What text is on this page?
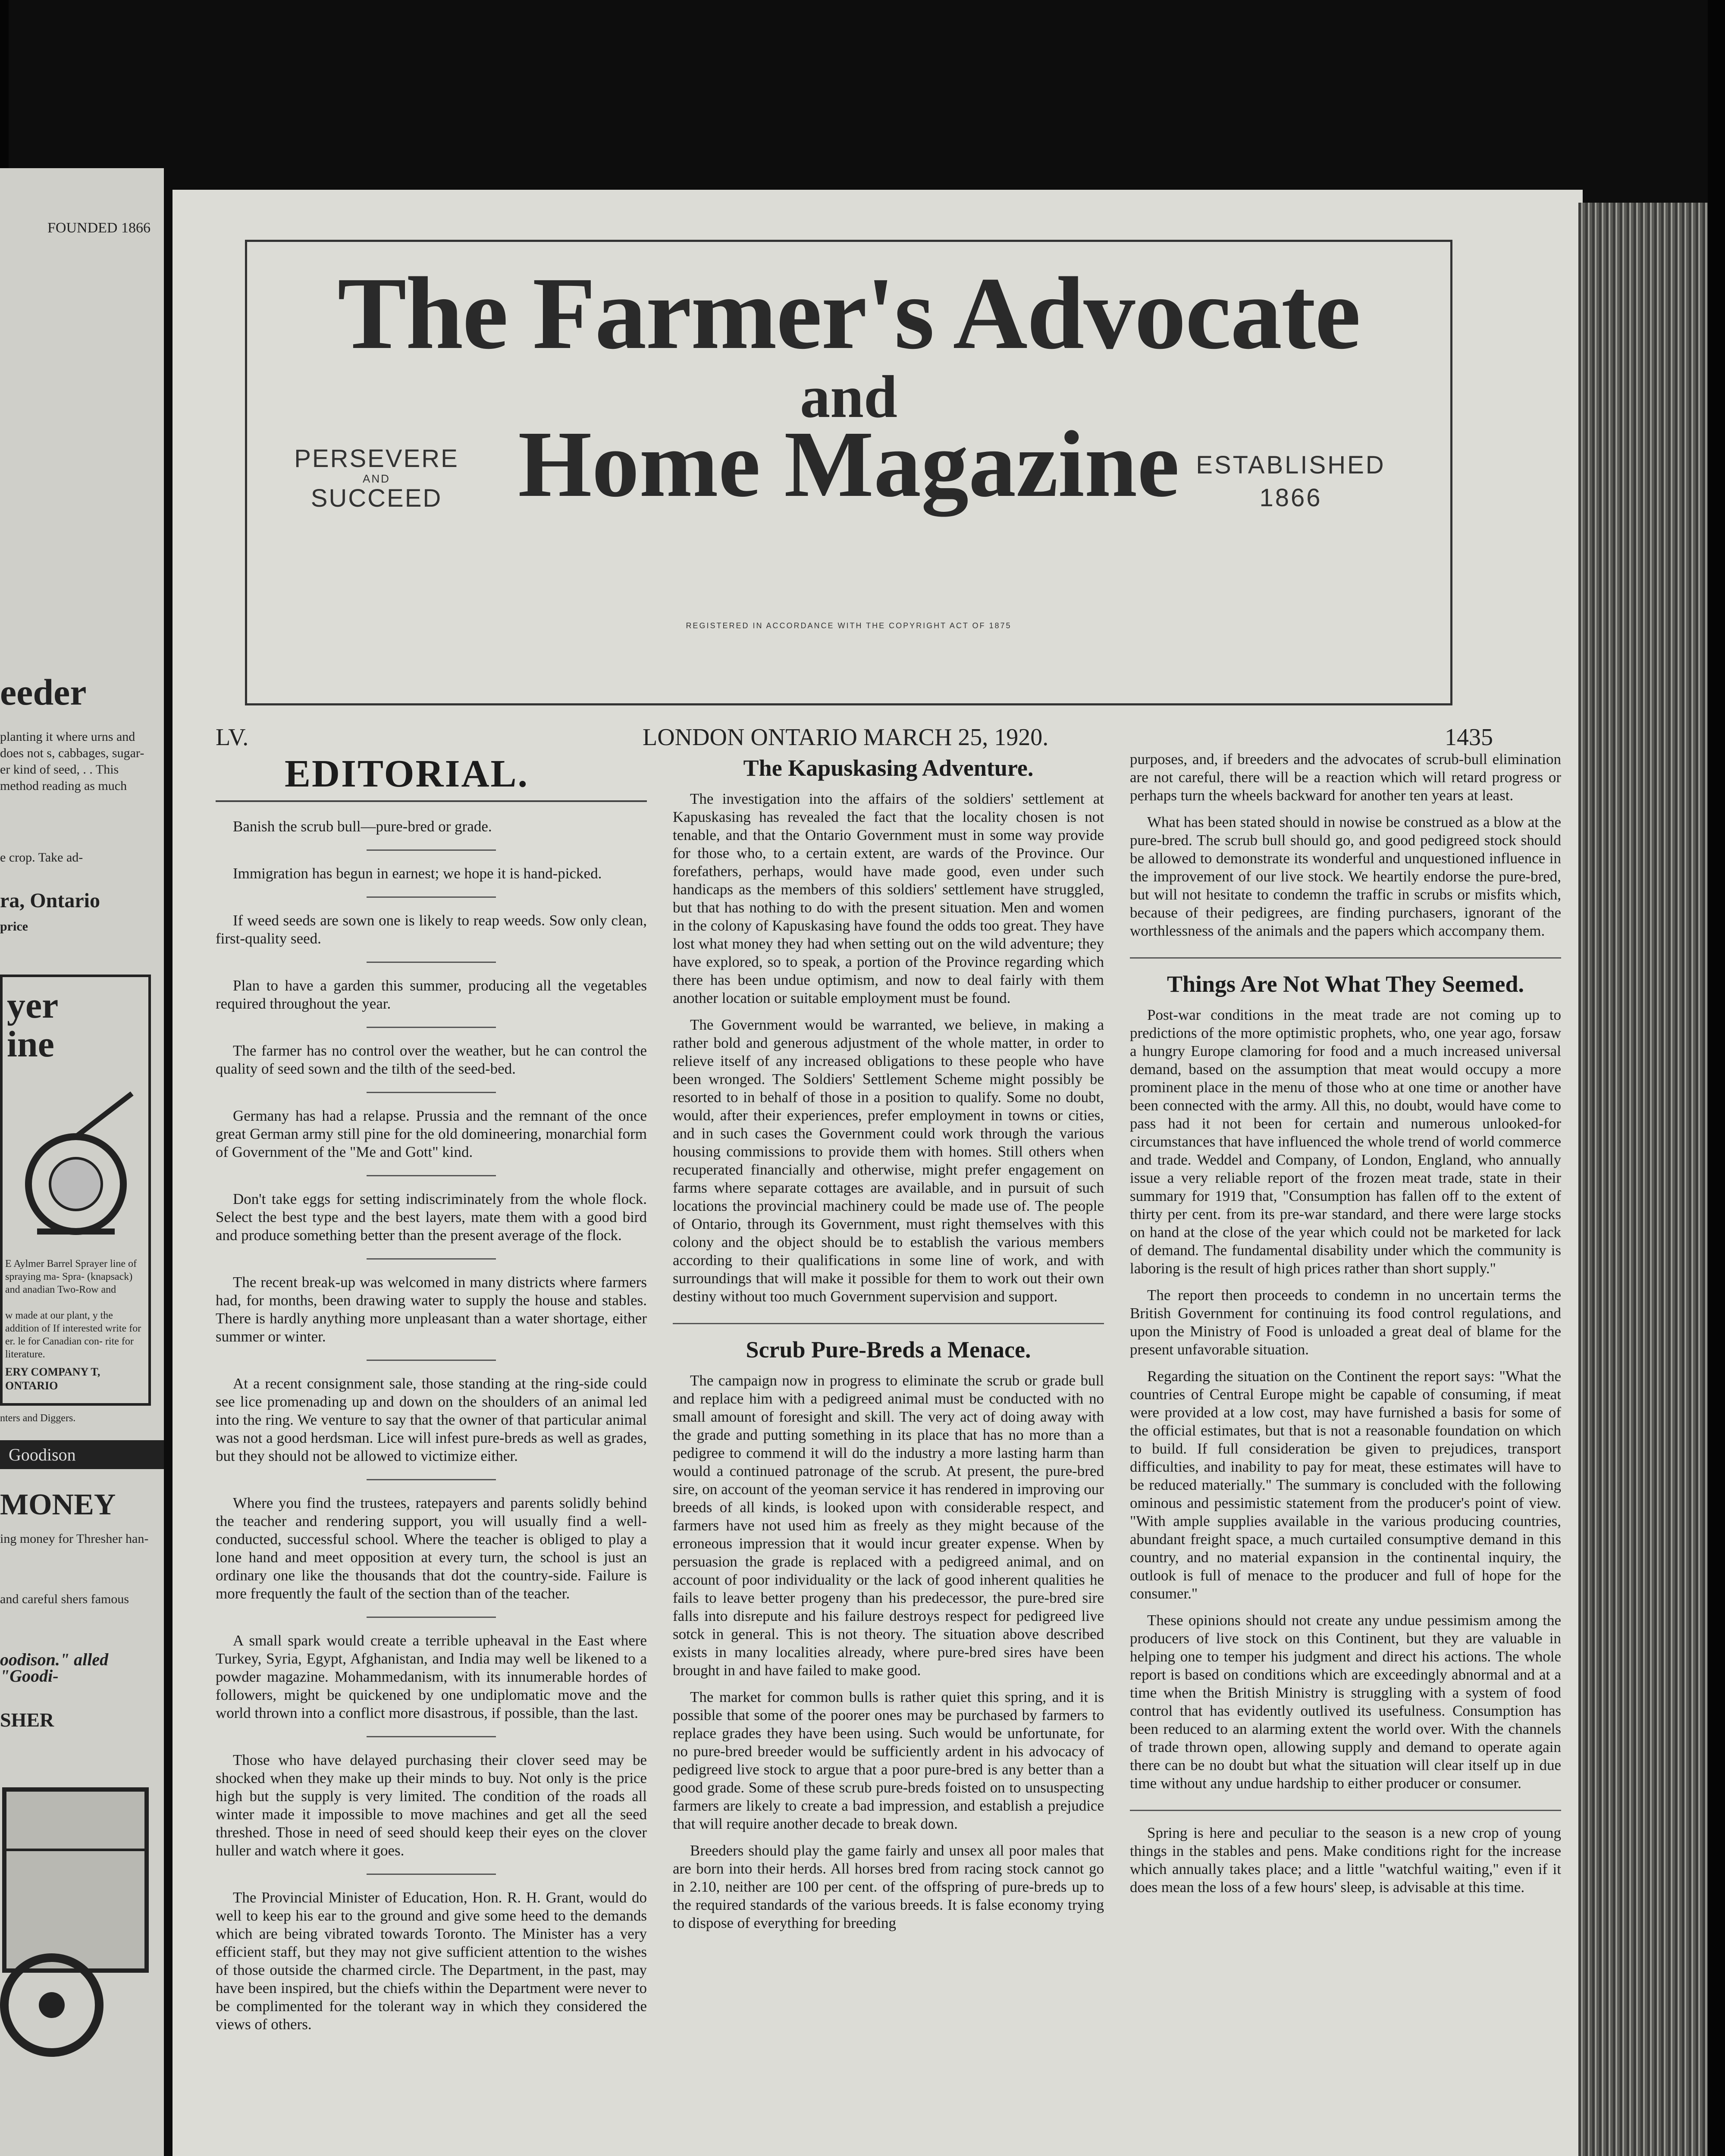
FOUNDED 1866
eeder
planting it where urns and does not s, cabbages, sugar- er kind of seed, . . This method reading as much
e crop. Take ad-
ra, Ontario
price
yer
ine
E Aylmer Barrel Sprayer line of spraying ma- Spra- (knapsack) and anadian Two-Row and
w made at our plant, y the addition of If interested write for er. le for Canadian con- rite for literature.
ERY COMPANY T, ONTARIO
nters and Diggers.
Goodison
MONEY
ing money for Thresher han-
and careful shers famous
oodison." alled "Goodi-
SHER
The Farmer's Advocate
and
Home Magazine
PERSEVERE
AND
SUCCEED
ESTABLISHED
1866
REGISTERED IN ACCORDANCE WITH THE COPYRIGHT ACT OF 1875
LV.	LONDON ONTARIO MARCH 25, 1920.	1435
EDITORIAL.

Banish the scrub bull—pure-bred or grade.

Immigration has begun in earnest; we hope it is hand-picked.

If weed seeds are sown one is likely to reap weeds. Sow only clean, first-quality seed.

Plan to have a garden this summer, producing all the vegetables required throughout the year.

The farmer has no control over the weather, but he can control the quality of seed sown and the tilth of the seed-bed.

Germany has had a relapse. Prussia and the remnant of the once great German army still pine for the old domineering, monarchial form of Government of the "Me and Gott" kind.

Don't take eggs for setting indiscriminately from the whole flock. Select the best type and the best layers, mate them with a good bird and produce something better than the present average of the flock.

The recent break-up was welcomed in many districts where farmers had, for months, been drawing water to supply the house and stables. There is hardly anything more unpleasant than a water shortage, either summer or winter.

At a recent consignment sale, those standing at the ring-side could see lice promenading up and down on the shoulders of an animal led into the ring. We venture to say that the owner of that particular animal was not a good herdsman. Lice will infest pure-breds as well as grades, but they should not be allowed to victimize either.

Where you find the trustees, ratepayers and parents solidly behind the teacher and rendering support, you will usually find a well-conducted, successful school. Where the teacher is obliged to play a lone hand and meet opposition at every turn, the school is just an ordinary one like the thousands that dot the country-side. Failure is more frequently the fault of the section than of the teacher.

A small spark would create a terrible upheaval in the East where Turkey, Syria, Egypt, Afghanistan, and India may well be likened to a powder magazine. Mohammedanism, with its innumerable hordes of followers, might be quickened by one undiplomatic move and the world thrown into a conflict more disastrous, if possible, than the last.

Those who have delayed purchasing their clover seed may be shocked when they make up their minds to buy. Not only is the price high but the supply is very limited. The condition of the roads all winter made it impossible to move machines and get all the seed threshed. Those in need of seed should keep their eyes on the clover huller and watch where it goes.

The Provincial Minister of Education, Hon. R. H. Grant, would do well to keep his ear to the ground and give some heed to the demands which are being vibrated towards Toronto. The Minister has a very efficient staff, but they may not give sufficient attention to the wishes of those outside the charmed circle. The Department, in the past, may have been inspired, but the chiefs within the Department were never to be complimented for the tolerant way in which they considered the views of others.

The Kapuskasing Adventure.

The investigation into the affairs of the soldiers' settlement at Kapuskasing has revealed the fact that the locality chosen is not tenable, and that the Ontario Government must in some way provide for those who, to a certain extent, are wards of the Province. Our forefathers, perhaps, would have made good, even under such handicaps as the members of this soldiers' settlement have struggled, but that has nothing to do with the present situation. Men and women in the colony of Kapuskasing have found the odds too great. They have lost what money they had when setting out on the wild adventure; they have explored, so to speak, a portion of the Province regarding which there has been undue optimism, and now to deal fairly with them another location or suitable employment must be found.

The Government would be warranted, we believe, in making a rather bold and generous adjustment of the whole matter, in order to relieve itself of any increased obligations to these people who have been wronged. The Soldiers' Settlement Scheme might possibly be resorted to in behalf of those in a position to qualify. Some no doubt, would, after their experiences, prefer employment in towns or cities, and in such cases the Government could work through the various housing commissions to provide them with homes. Still others when recuperated financially and otherwise, might prefer engagement on farms where separate cottages are available, and in pursuit of such locations the provincial machinery could be made use of. The people of Ontario, through its Government, must right themselves with this colony and the object should be to establish the various members according to their qualifications in some line of work, and with surroundings that will make it possible for them to work out their own destiny without too much Government supervision and support.

Scrub Pure-Breds a Menace.

The campaign now in progress to eliminate the scrub or grade bull and replace him with a pedigreed animal must be conducted with no small amount of foresight and skill. The very act of doing away with the grade and putting something in its place that has no more than a pedigree to commend it will do the industry a more lasting harm than would a continued patronage of the scrub. At present, the pure-bred sire, on account of the yeoman service it has rendered in improving our breeds of all kinds, is looked upon with considerable respect, and farmers have not used him as freely as they might because of the erroneous impression that it would incur greater expense. When by persuasion the grade is replaced with a pedigreed animal, and on account of poor individuality or the lack of good inherent qualities he fails to leave better progeny than his predecessor, the pure-bred sire falls into disrepute and his failure destroys respect for pedigreed live sotck in general. This is not theory. The situation above described exists in many localities already, where pure-bred sires have been brought in and have failed to make good.

The market for common bulls is rather quiet this spring, and it is possible that some of the poorer ones may be purchased by farmers to replace grades they have been using. Such would be unfortunate, for no pure-bred breeder would be sufficiently ardent in his advocacy of pedigreed live stock to argue that a poor pure-bred is any better than a good grade. Some of these scrub pure-breds foisted on to unsuspecting farmers are likely to create a bad impression, and establish a prejudice that will require another decade to break down.

Breeders should play the game fairly and unsex all poor males that are born into their herds. All horses bred from racing stock cannot go in 2.10, neither are 100 per cent. of the offspring of pure-breds up to the required standards of the various breeds. It is false economy trying to dispose of everything for breeding

purposes, and, if breeders and the advocates of scrub-bull elimination are not careful, there will be a reaction which will retard progress or perhaps turn the wheels backward for another ten years at least.

What has been stated should in nowise be construed as a blow at the pure-bred. The scrub bull should go, and good pedigreed stock should be allowed to demonstrate its wonderful and unquestioned influence in the improvement of our live stock. We heartily endorse the pure-bred, but will not hesitate to condemn the traffic in scrubs or misfits which, because of their pedigrees, are finding purchasers, ignorant of the worthlessness of the animals and the papers which accompany them.

Things Are Not What They Seemed.

Post-war conditions in the meat trade are not coming up to predictions of the more optimistic prophets, who, one year ago, forsaw a hungry Europe clamoring for food and a much increased universal demand, based on the assumption that meat would occupy a more prominent place in the menu of those who at one time or another have been connected with the army. All this, no doubt, would have come to pass had it not been for certain and numerous unlooked-for circumstances that have influenced the whole trend of world commerce and trade. Weddel and Company, of London, England, who annually issue a very reliable report of the frozen meat trade, state in their summary for 1919 that, "Consumption has fallen off to the extent of thirty per cent. from its pre-war standard, and there were large stocks on hand at the close of the year which could not be marketed for lack of demand. The fundamental disability under which the community is laboring is the result of high prices rather than short supply."

The report then proceeds to condemn in no uncertain terms the British Government for continuing its food control regulations, and upon the Ministry of Food is unloaded a great deal of blame for the present unfavorable situation.

Regarding the situation on the Continent the report says: "What the countries of Central Europe might be capable of consuming, if meat were provided at a low cost, may have furnished a basis for some of the official estimates, but that is not a reasonable foundation on which to build. If full consideration be given to prejudices, transport difficulties, and inability to pay for meat, these estimates will have to be reduced materially." The summary is concluded with the following ominous and pessimistic statement from the producer's point of view. "With ample supplies available in the various producing countries, abundant freight space, a much curtailed consumptive demand in this country, and no material expansion in the continental inquiry, the outlook is full of menace to the producer and full of hope for the consumer."

These opinions should not create any undue pessimism among the producers of live stock on this Continent, but they are valuable in helping one to temper his judgment and direct his actions. The whole report is based on conditions which are exceedingly abnormal and at a time when the British Ministry is struggling with a system of food control that has evidently outlived its usefulness. Consumption has been reduced to an alarming extent the world over. With the channels of trade thrown open, allowing supply and demand to operate again there can be no doubt but what the situation will clear itself up in due time without any undue hardship to either producer or consumer.

Spring is here and peculiar to the season is a new crop of young things in the stables and pens. Make conditions right for the increase which annually takes place; and a little "watchful waiting," even if it does mean the loss of a few hours' sleep, is advisable at this time.
